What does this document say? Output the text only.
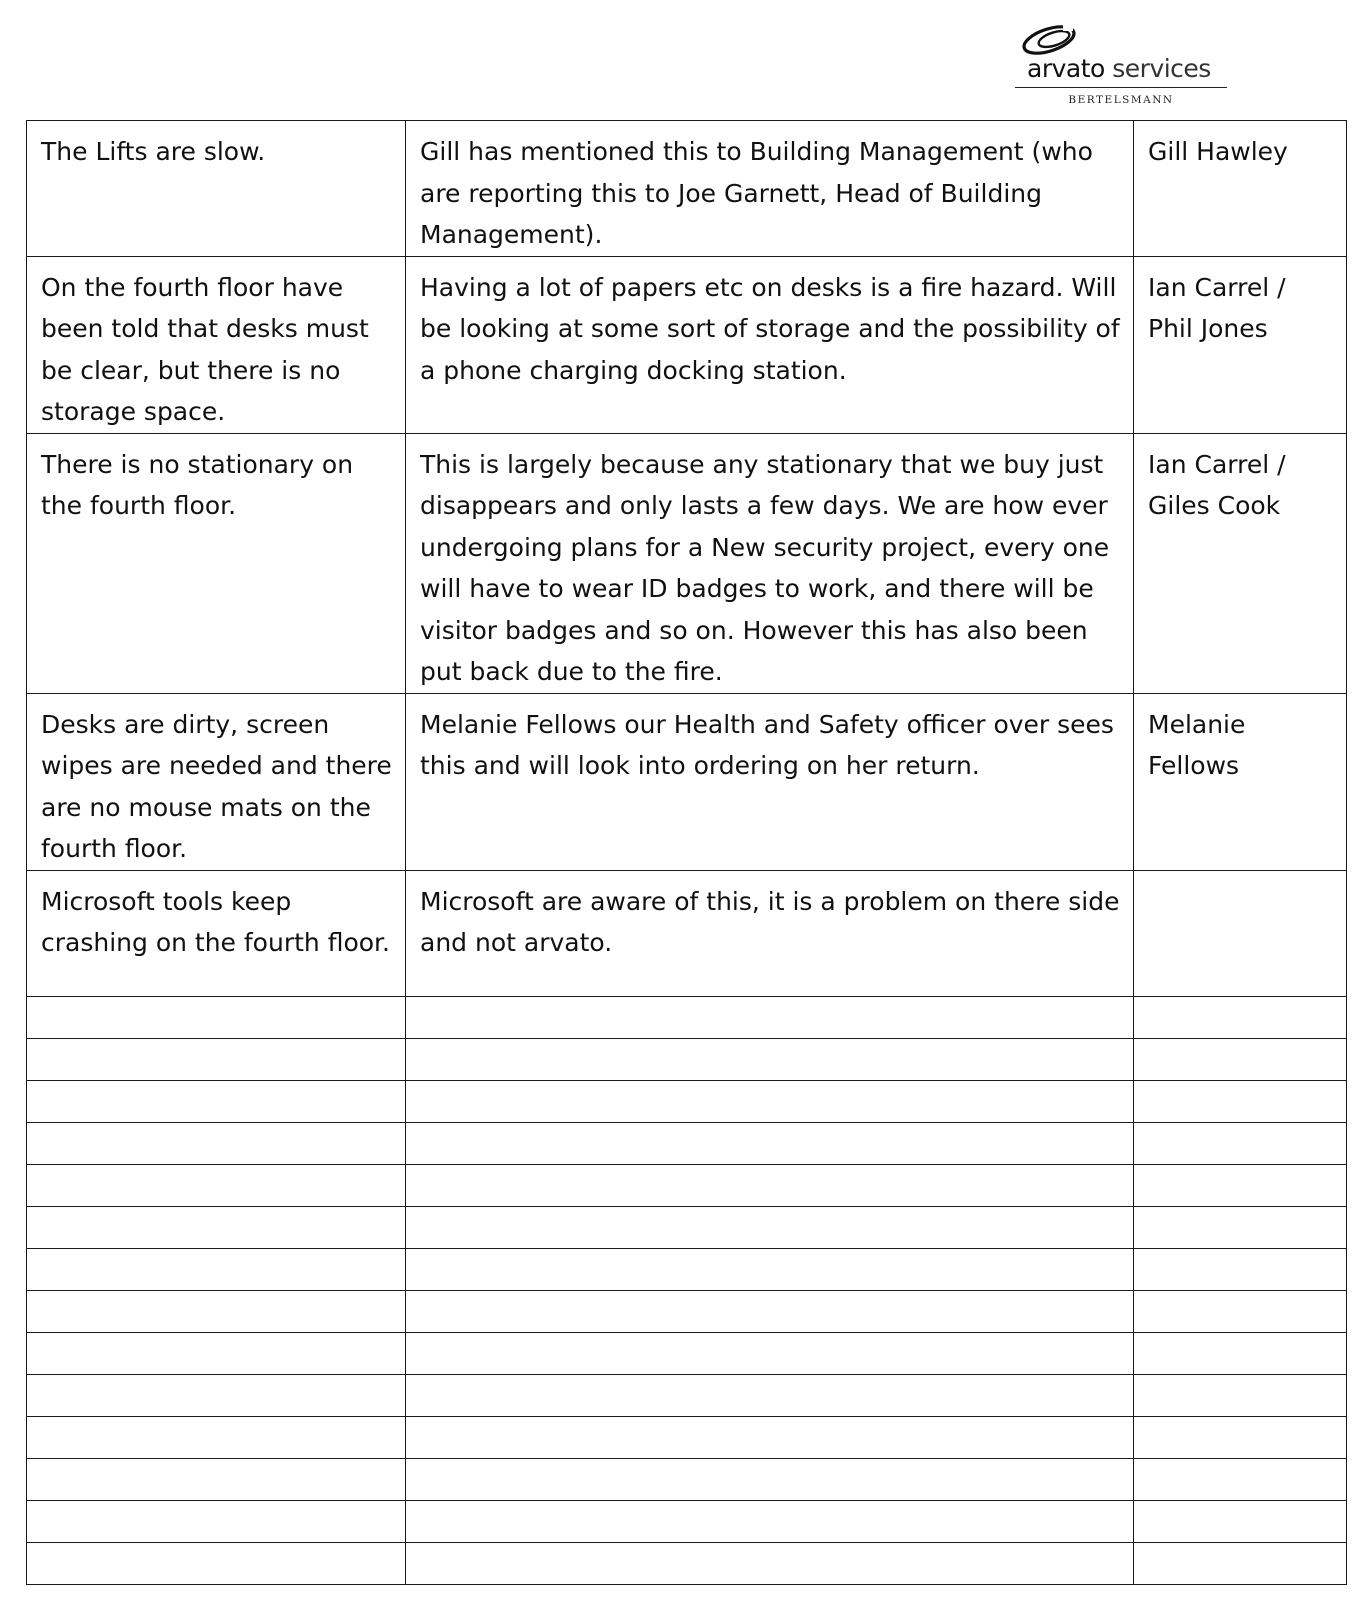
arvato services
BERTELSMANN
The Lifts are slow.	Gill has mentioned this to Building Management (who are reporting this to Joe Garnett, Head of Building Management).	Gill Hawley
On the fourth floor have been told that desks must be clear, but there is no storage space.	Having a lot of papers etc on desks is a fire hazard. Will be looking at some sort of storage and the possibility of a phone charging docking station.	Ian Carrel / Phil Jones
There is no stationary on the fourth floor.	This is largely because any stationary that we buy just disappears and only lasts a few days. We are how ever undergoing plans for a New security project, every one will have to wear ID badges to work, and there will be visitor badges and so on. However this has also been put back due to the fire.	Ian Carrel / Giles Cook
Desks are dirty, screen wipes are needed and there are no mouse mats on the fourth floor.	Melanie Fellows our Health and Safety officer over sees this and will look into ordering on her return.	Melanie Fellows
Microsoft tools keep crashing on the fourth floor.	Microsoft are aware of this, it is a problem on there side and not arvato.	
